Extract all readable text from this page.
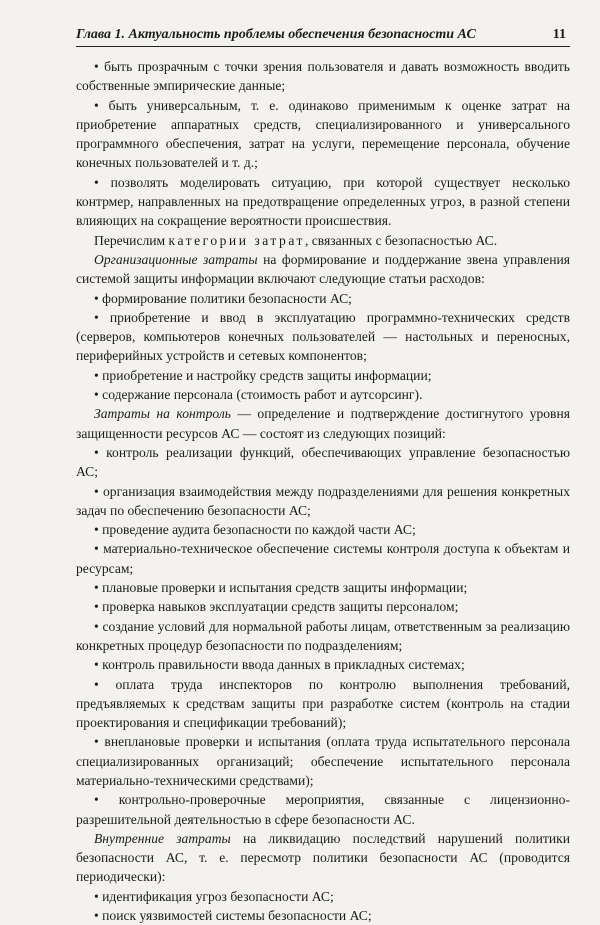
Глава 1. Актуальность проблемы обеспечения безопасности АС	11

• быть прозрачным с точки зрения пользователя и давать возможность вводить собственные эмпирические данные;

• быть универсальным, т. е. одинаково применимым к оценке затрат на приобретение аппаратных средств, специализированного и универсального программного обеспечения, затрат на услуги, перемещение персонала, обучение конечных пользователей и т. д.;

• позволять моделировать ситуацию, при которой существует несколько контрмер, направленных на предотвращение определенных угроз, в разной степени влияющих на сокращение вероятности происшествия.

Перечислим категории затрат, связанных с безопасностью АС.

Организационные затраты на формирование и поддержание звена управления системой защиты информации включают следующие статьи расходов:

• формирование политики безопасности АС;

• приобретение и ввод в эксплуатацию программно-технических средств (серверов, компьютеров конечных пользователей — настольных и переносных, периферийных устройств и сетевых компонентов;

• приобретение и настройку средств защиты информации;

• содержание персонала (стоимость работ и аутсорсинг).

Затраты на контроль — определение и подтверждение достигнутого уровня защищенности ресурсов АС — состоят из следующих позиций:

• контроль реализации функций, обеспечивающих управление безопасностью АС;

• организация взаимодействия между подразделениями для решения конкретных задач по обеспечению безопасности АС;

• проведение аудита безопасности по каждой части АС;

• материально-техническое обеспечение системы контроля доступа к объектам и ресурсам;

• плановые проверки и испытания средств защиты информации;

• проверка навыков эксплуатации средств защиты персоналом;

• создание условий для нормальной работы лицам, ответственным за реализацию конкретных процедур безопасности по подразделениям;

• контроль правильности ввода данных в прикладных системах;

• оплата труда инспекторов по контролю выполнения требований, предъявляемых к средствам защиты при разработке систем (контроль на стадии проектирования и спецификации требований);

• внеплановые проверки и испытания (оплата труда испытательного персонала специализированных организаций; обеспечение испытательного персонала материально-техническими средствами);

• контрольно-проверочные мероприятия, связанные с лицензионно-разрешительной деятельностью в сфере безопасности АС.

Внутренние затраты на ликвидацию последствий нарушений политики безопасности АС, т. е. пересмотр политики безопасности АС (проводится периодически):

• идентификация угроз безопасности АС;

• поиск уязвимостей системы безопасности АС;
